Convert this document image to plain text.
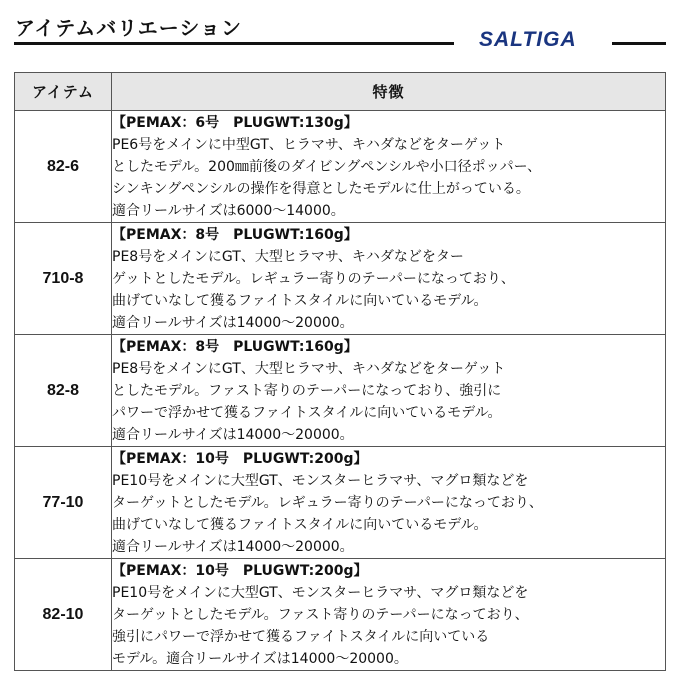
アイテムバリエーション	SALTIGA
アイテム	特徴
82-6	【PEMAX：6号　PLUGWT:130g】
PE6号をメインに中型GT、ヒラマサ、キハダなどをターゲット
としたモデル。200㎜前後のダイビングペンシルや小口径ポッパー、
シンキングペンシルの操作を得意としたモデルに仕上がっている。
適合リールサイズは6000〜14000。

710-8	【PEMAX：8号　PLUGWT:160g】
PE8号をメインにGT、大型ヒラマサ、キハダなどをター
ゲットとしたモデル。レギュラー寄りのテーパーになっており、
曲げていなして獲るファイトスタイルに向いているモデル。
適合リールサイズは14000〜20000。

82-8	【PEMAX：8号　PLUGWT:160g】
PE8号をメインにGT、大型ヒラマサ、キハダなどをターゲット
としたモデル。ファスト寄りのテーパーになっており、強引に
パワーで浮かせて獲るファイトスタイルに向いているモデル。
適合リールサイズは14000〜20000。

77-10	【PEMAX：10号　PLUGWT:200g】
PE10号をメインに大型GT、モンスターヒラマサ、マグロ類などを
ターゲットとしたモデル。レギュラー寄りのテーパーになっており、
曲げていなして獲るファイトスタイルに向いているモデル。
適合リールサイズは14000〜20000。

82-10	【PEMAX：10号　PLUGWT:200g】
PE10号をメインに大型GT、モンスターヒラマサ、マグロ類などを
ターゲットとしたモデル。ファスト寄りのテーパーになっており、
強引にパワーで浮かせて獲るファイトスタイルに向いている
モデル。適合リールサイズは14000〜20000。
